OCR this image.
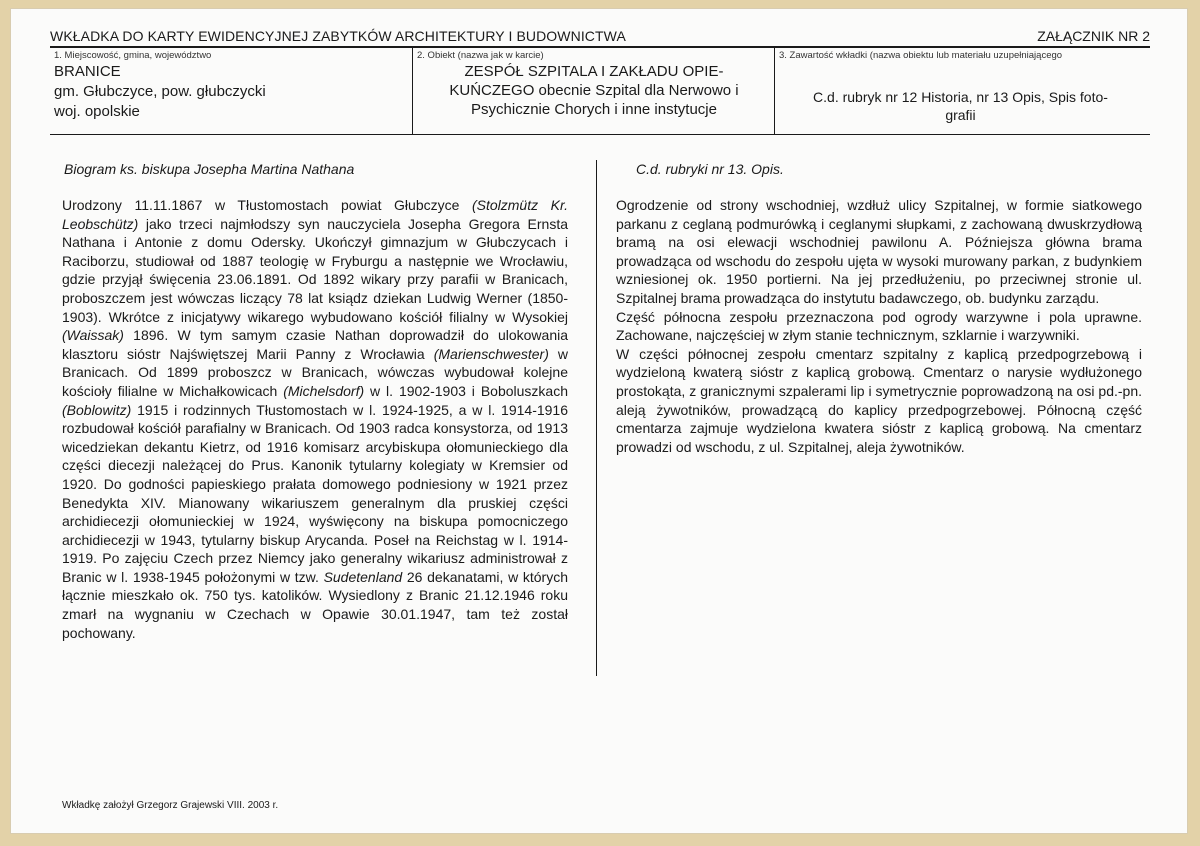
WKŁADKA DO KARTY EWIDENCYJNEJ ZABYTKÓW ARCHITEKTURY I BUDOWNICTWA	ZAŁĄCZNIK NR 2
1. Miejscowość, gmina, województwo
BRANICE
gm. Głubczyce, pow. głubczycki
woj. opolskie
2. Obiekt (nazwa jak w karcie)
ZESPÓŁ SZPITALA I ZAKŁADU OPIE-
KUŃCZEGO obecnie Szpital dla Nerwowo i
Psychicznie Chorych i inne instytucje
3. Zawartość wkładki (nazwa obiektu lub materiału uzupełniającego
C.d. rubryk nr 12 Historia, nr 13 Opis, Spis foto-
grafii
Biogram ks. biskupa Josepha Martina Nathana

Urodzony 11.11.1867 w Tłustomostach powiat Głubczyce (Stolzmütz Kr. Leobschütz) jako trzeci najmłodszy syn nauczyciela Josepha Gregora Ernsta Nathana i Antonie z domu Odersky. Ukończył gimnazjum w Głubczycach i Raciborzu, studiował od 1887 teologię w Fryburgu a następnie we Wrocławiu, gdzie przyjął święcenia 23.06.1891. Od 1892 wikary przy parafii w Branicach, proboszczem jest wówczas liczący 78 lat ksiądz dziekan Ludwig Werner (1850-1903). Wkrótce z inicjatywy wikarego wybudowano kościół filialny w Wysokiej (Waissak) 1896. W tym samym czasie Nathan doprowadził do ulokowania klasztoru sióstr Najświętszej Marii Panny z Wrocławia (Marienschwester) w Branicach. Od 1899 proboszcz w Branicach, wówczas wybudował kolejne kościoły filialne w Michałkowicach (Michelsdorf) w l. 1902-1903 i Boboluszkach (Boblowitz) 1915 i rodzinnych Tłustomostach w l. 1924-1925, a w l. 1914-1916 rozbudował kościół parafialny w Branicach. Od 1903 radca konsystorza, od 1913 wicedziekan dekantu Kietrz, od 1916 komisarz arcybiskupa ołomunieckiego dla części diecezji należącej do Prus. Kanonik tytularny kolegiaty w Kremsier od 1920. Do godności papieskiego prałata domowego podniesiony w 1921 przez Benedykta XIV. Mianowany wikariuszem generalnym dla pruskiej części archidiecezji ołomunieckiej w 1924, wyświęcony na biskupa pomocniczego archidiecezji w 1943, tytularny biskup Arycanda. Poseł na Reichstag w l. 1914-1919. Po zajęciu Czech przez Niemcy jako generalny wikariusz administrował z Branic w l. 1938-1945 położonymi w tzw. Sudetenland 26 dekanatami, w których łącznie mieszkało ok. 750 tys. katolików. Wysiedlony z Branic 21.12.1946 roku zmarł na wygnaniu w Czechach w Opawie 30.01.1947, tam też został pochowany.

C.d. rubryki nr 13. Opis.

Ogrodzenie od strony wschodniej, wzdłuż ulicy Szpitalnej, w formie siatkowego parkanu z ceglaną podmurówką i ceglanymi słupkami, z zachowaną dwuskrzydłową bramą na osi elewacji wschodniej pawilonu A. Późniejsza główna brama prowadząca od wschodu do zespołu ujęta w wysoki murowany parkan, z budynkiem wzniesionej ok. 1950 portierni. Na jej przedłużeniu, po przeciwnej stronie ul. Szpitalnej brama prowadząca do instytutu badawczego, ob. budynku zarządu.

Część północna zespołu przeznaczona pod ogrody warzywne i pola uprawne. Zachowane, najczęściej w złym stanie technicznym, szklarnie i warzywniki.

W części północnej zespołu cmentarz szpitalny z kaplicą przedpogrzebową i wydzieloną kwaterą sióstr z kaplicą grobową. Cmentarz o narysie wydłużonego prostokąta, z granicznymi szpalerami lip i symetrycznie poprowadzoną na osi pd.-pn. aleją żywotników, prowadzącą do kaplicy przedpogrzebowej. Północną część cmentarza zajmuje wydzielona kwatera sióstr z kaplicą grobową. Na cmentarz prowadzi od wschodu, z ul. Szpitalnej, aleja żywotników.

Wkładkę założył Grzegorz Grajewski VIII. 2003 r.
